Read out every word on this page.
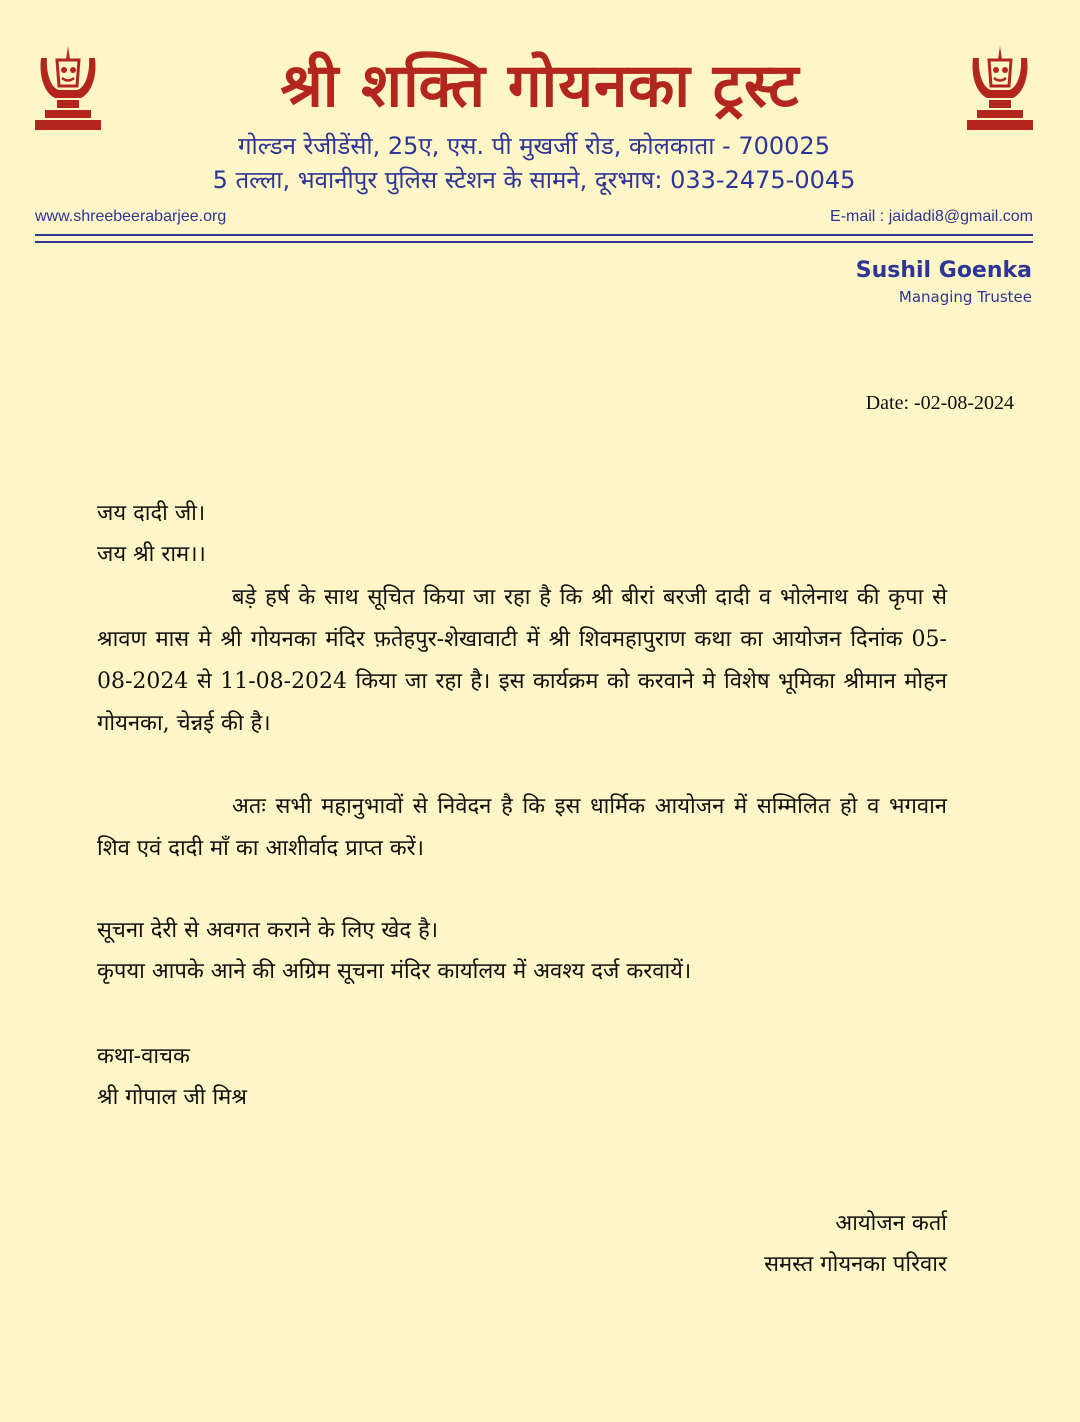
श्री शक्ति गोयनका ट्रस्ट
गोल्डन रेजीडेंसी, 25ए, एस. पी मुखर्जी रोड, कोलकाता - 700025
5 तल्ला, भवानीपुर पुलिस स्टेशन के सामने, दूरभाष: 033-2475-0045
www.shreebeerabarjee.org	E-mail : jaidadi8@gmail.com
Sushil Goenka
Managing Trustee
Date: -02-08-2024
जय दादी जी।
जय श्री राम।।
बड़े हर्ष के साथ सूचित किया जा रहा है कि श्री बीरां बरजी दादी व भोलेनाथ की कृपा से श्रावण मास मे श्री गोयनका मंदिर फ़तेहपुर-शेखावाटी में श्री शिवमहापुराण कथा का आयोजन दिनांक 05-08-2024 से 11-08-2024 किया जा रहा है। इस कार्यक्रम को करवाने मे विशेष भूमिका श्रीमान मोहन गोयनका, चेन्नई की है।
अतः सभी महानुभावों से निवेदन है कि इस धार्मिक आयोजन में सम्मिलित हो व भगवान शिव एवं दादी माँ का आशीर्वाद प्राप्त करें।
सूचना देरी से अवगत कराने के लिए खेद है।
कृपया आपके आने की अग्रिम सूचना मंदिर कार्यालय में अवश्य दर्ज करवायें।
कथा-वाचक
श्री गोपाल जी मिश्र
आयोजन कर्ता
समस्त गोयनका परिवार
